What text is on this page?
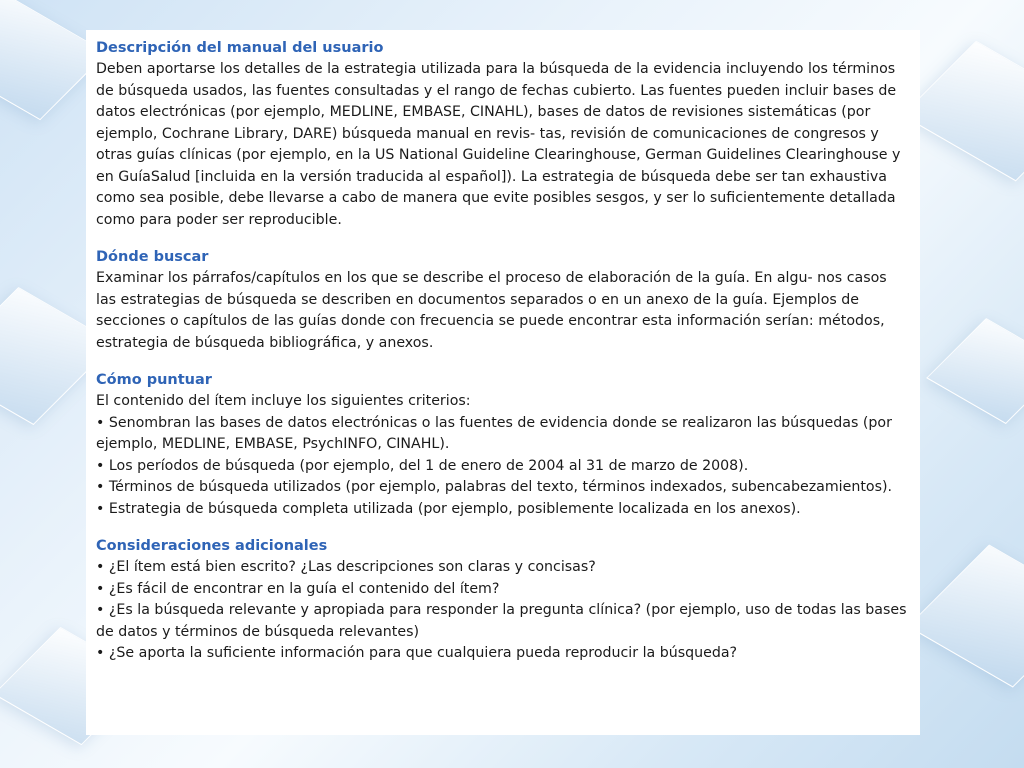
Descripción del manual del usuario

Deben aportarse los detalles de la estrategia utilizada para la búsqueda de la evidencia incluyendo los términos de búsqueda usados, las fuentes consultadas y el rango de fechas cubierto. Las fuentes pueden incluir bases de datos electrónicas (por ejemplo, MEDLINE, EMBASE, CINAHL), bases de datos de revisiones sistemáticas (por ejemplo, Cochrane Library, DARE) búsqueda manual en revis- tas, revisión de comunicaciones de congresos y otras guías clínicas (por ejemplo, en la US National Guideline Clearinghouse, German Guidelines Clearinghouse y en GuíaSalud [incluida en la versión traducida al español]). La estrategia de búsqueda debe ser tan exhaustiva como sea posible, debe llevarse a cabo de manera que evite posibles sesgos, y ser lo suficientemente detallada como para poder ser reproducible.

Dónde buscar

Examinar los párrafos/capítulos en los que se describe el proceso de elaboración de la guía. En algu- nos casos las estrategias de búsqueda se describen en documentos separados o en un anexo de la guía. Ejemplos de secciones o capítulos de las guías donde con frecuencia se puede encontrar esta información serían: métodos, estrategia de búsqueda bibliográfica, y anexos.

Cómo puntuar

El contenido del ítem incluye los siguientes criterios:

• Senombran las bases de datos electrónicas o las fuentes de evidencia donde se realizaron las búsquedas (por ejemplo, MEDLINE, EMBASE, PsychINFO, CINAHL).

• Los períodos de búsqueda (por ejemplo, del 1 de enero de 2004 al 31 de marzo de 2008).

• Términos de búsqueda utilizados (por ejemplo, palabras del texto, términos indexados, subencabezamientos).

• Estrategia de búsqueda completa utilizada (por ejemplo, posiblemente localizada en los anexos).

Consideraciones adicionales

• ¿El ítem está bien escrito? ¿Las descripciones son claras y concisas?

• ¿Es fácil de encontrar en la guía el contenido del ítem?

• ¿Es la búsqueda relevante y apropiada para responder la pregunta clínica? (por ejemplo, uso de todas las bases de datos y términos de búsqueda relevantes)

• ¿Se aporta la suficiente información para que cualquiera pueda reproducir la búsqueda?
